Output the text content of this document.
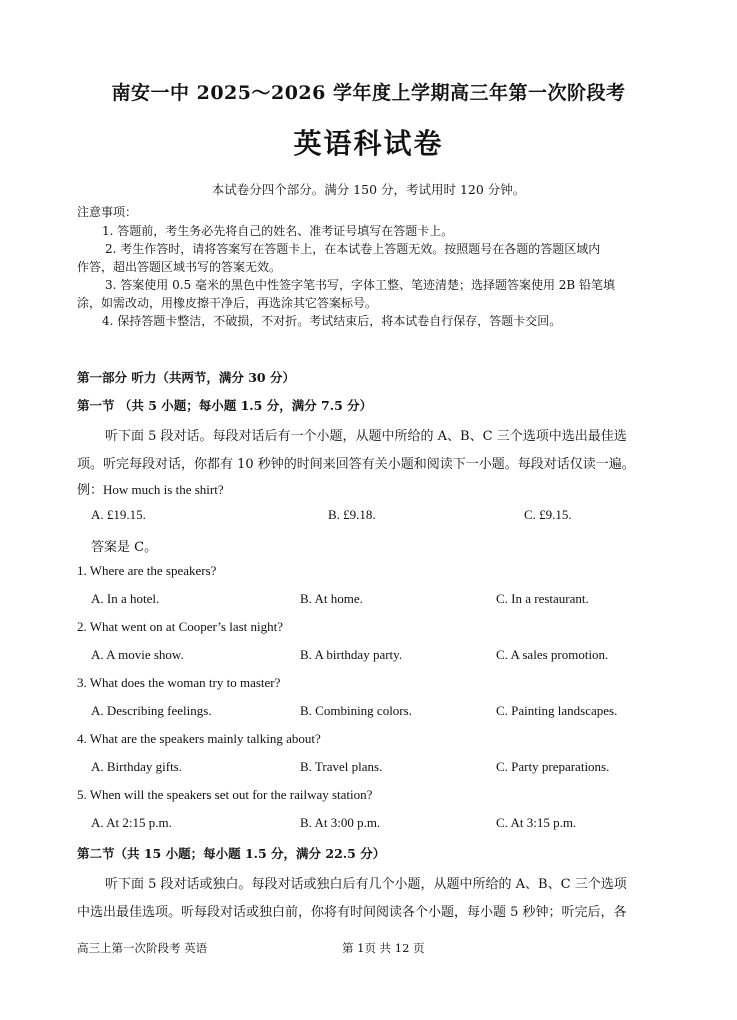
南安一中 2025～2026 学年度上学期高三年第一次阶段考
英语科试卷
本试卷分四个部分。满分 150 分，考试用时 120 分钟。
注意事项：
1. 答题前，考生务必先将自己的姓名、准考证号填写在答题卡上。
2. 考生作答时，请将答案写在答题卡上，在本试卷上答题无效。按照题号在各题的答题区域内
作答，超出答题区域书写的答案无效。
3. 答案使用 0.5 毫米的黑色中性签字笔书写，字体工整、笔迹清楚；选择题答案使用 2B 铅笔填
涂，如需改动，用橡皮擦干净后，再选涂其它答案标号。
4. 保持答题卡整洁，不破损，不对折。考试结束后，将本试卷自行保存，答题卡交回。
第一部分 听力（共两节，满分 30 分）
第一节 （共 5 小题；每小题 1.5 分，满分 7.5 分）
听下面 5 段对话。每段对话后有一个小题，从题中所给的 A、B、C 三个选项中选出最佳选
项。听完每段对话，你都有 10 秒钟的时间来回答有关小题和阅读下一小题。每段对话仅读一遍。
例：How much is the shirt?
A. £19.15.	B. £9.18.	C. £9.15.
答案是 C。
1. Where are the speakers?
A. In a hotel.	B. At home.	C. In a restaurant.
2. What went on at Cooper’s last night?
A. A movie show.	B. A birthday party.	C. A sales promotion.
3. What does the woman try to master?
A. Describing feelings.	B. Combining colors.	C. Painting landscapes.
4. What are the speakers mainly talking about?
A. Birthday gifts.	B. Travel plans.	C. Party preparations.
5. When will the speakers set out for the railway station?
A. At 2:15 p.m.	B. At 3:00 p.m.	C. At 3:15 p.m.
第二节（共 15 小题；每小题 1.5 分，满分 22.5 分）
听下面 5 段对话或独白。每段对话或独白后有几个小题，从题中所给的 A、B、C 三个选项
中选出最佳选项。听每段对话或独白前，你将有时间阅读各个小题，每小题 5 秒钟；听完后，各
高三上第一次阶段考 英语	第 1页 共 12 页
